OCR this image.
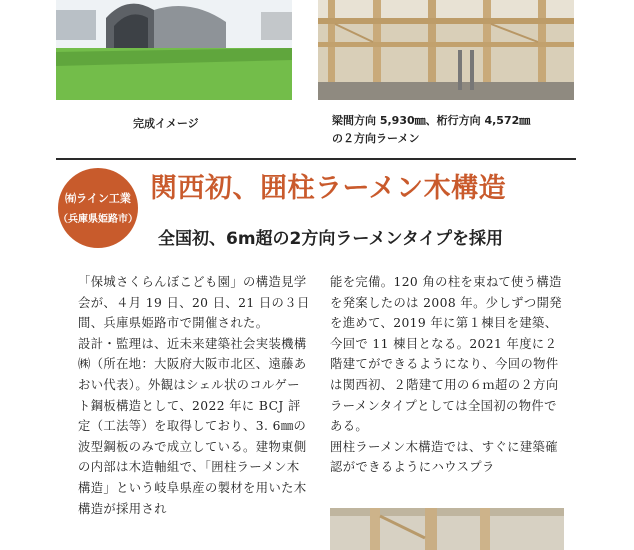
完成イメージ	梁間方向 5,930㎜、桁行方向 4,572㎜
の２方向ラーメン
㈲ライン工業
（兵庫県姫路市）
関西初、囲柱ラーメン木構造
全国初、6m超の2方向ラーメンタイプを採用

「保城さくらんぼこども園」の構造見学会が、４月 19 日、20 日、21 日の３日間、兵庫県姫路市で開催された。

設計・監理は、近未来建築社会実装機構㈱（所在地：大阪府大阪市北区、遠藤あおい代表）。外観はシェル状のコルゲート鋼板構造として、2022 年に BCJ 評定（工法等）を取得しており、3. 6㎜の波型鋼板のみで成立している。建物東側の内部は木造軸組で、「囲柱ラーメン木構造」という岐阜県産の製材を用いた木構造が採用され

能を完備。120 角の柱を束ねて使う構造を発案したのは 2008 年。少しずつ開発を進めて、2019 年に第１棟目を建築、今回で 11 棟目となる。2021 年度に２階建てができるようになり、今回の物件は関西初、２階建て用の６ｍ超の２方向ラーメンタイプとしては全国初の物件である。

囲柱ラーメン木構造では、すぐに建築確認ができるようにハウスプラ
